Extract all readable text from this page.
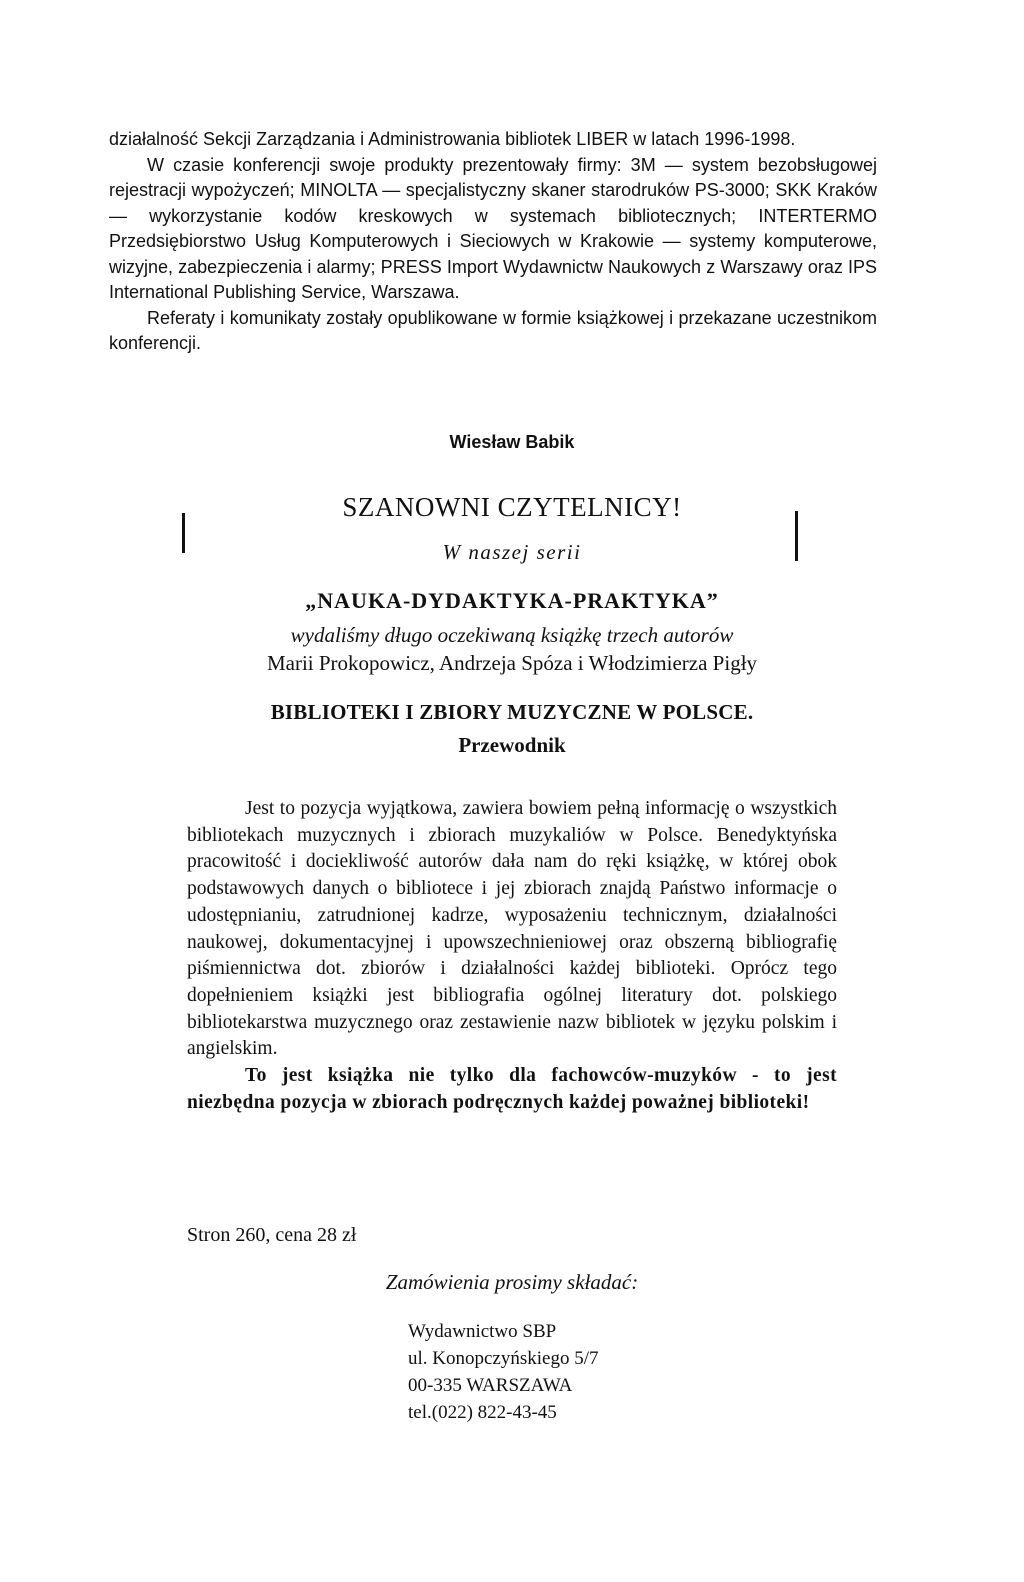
działalność Sekcji Zarządzania i Administrowania bibliotek LIBER w latach 1996-1998.

W czasie konferencji swoje produkty prezentowały firmy: 3M — system bezobsługowej rejestracji wypożyczeń; MINOLTA — specjalistyczny skaner starodruków PS-3000; SKK Kraków — wykorzystanie kodów kreskowych w systemach bibliotecznych; INTERTERMO Przedsiębiorstwo Usług Komputerowych i Sieciowych w Krakowie — systemy komputerowe, wizyjne, zabezpieczenia i alarmy; PRESS Import Wydawnictw Naukowych z Warszawy oraz IPS International Publishing Service, Warszawa.

Referaty i komunikaty zostały opublikowane w formie książkowej i przekazane uczestnikom konferencji.

Wiesław Babik
SZANOWNI CZYTELNICY!
W naszej serii
„NAUKA-DYDAKTYKA-PRAKTYKA”
wydaliśmy długo oczekiwaną książkę trzech autorów
Marii Prokopowicz, Andrzeja Spóza i Włodzimierza Pigły
BIBLIOTEKI I ZBIORY MUZYCZNE W POLSCE.
Przewodnik

Jest to pozycja wyjątkowa, zawiera bowiem pełną informację o wszystkich bibliotekach muzycznych i zbiorach muzykaliów w Polsce. Benedyktyńska pracowitość i dociekliwość autorów dała nam do ręki książkę, w której obok podstawowych danych o bibliotece i jej zbiorach znajdą Państwo informacje o udostępnianiu, zatrudnionej kadrze, wyposażeniu technicznym, działalności naukowej, dokumentacyjnej i upowszechnieniowej oraz obszerną bibliografię piśmiennictwa dot. zbiorów i działalności każdej biblioteki. Oprócz tego dopełnieniem książki jest bibliografia ogólnej literatury dot. polskiego bibliotekarstwa muzycznego oraz zestawienie nazw bibliotek w języku polskim i angielskim.

To jest książka nie tylko dla fachowców-muzyków - to jest niezbędna pozycja w zbiorach podręcznych każdej poważnej biblioteki!

Stron 260, cena 28 zł
Zamówienia prosimy składać:
Wydawnictwo SBP
ul. Konopczyńskiego 5/7
00-335 WARSZAWA
tel.(022) 822-43-45
